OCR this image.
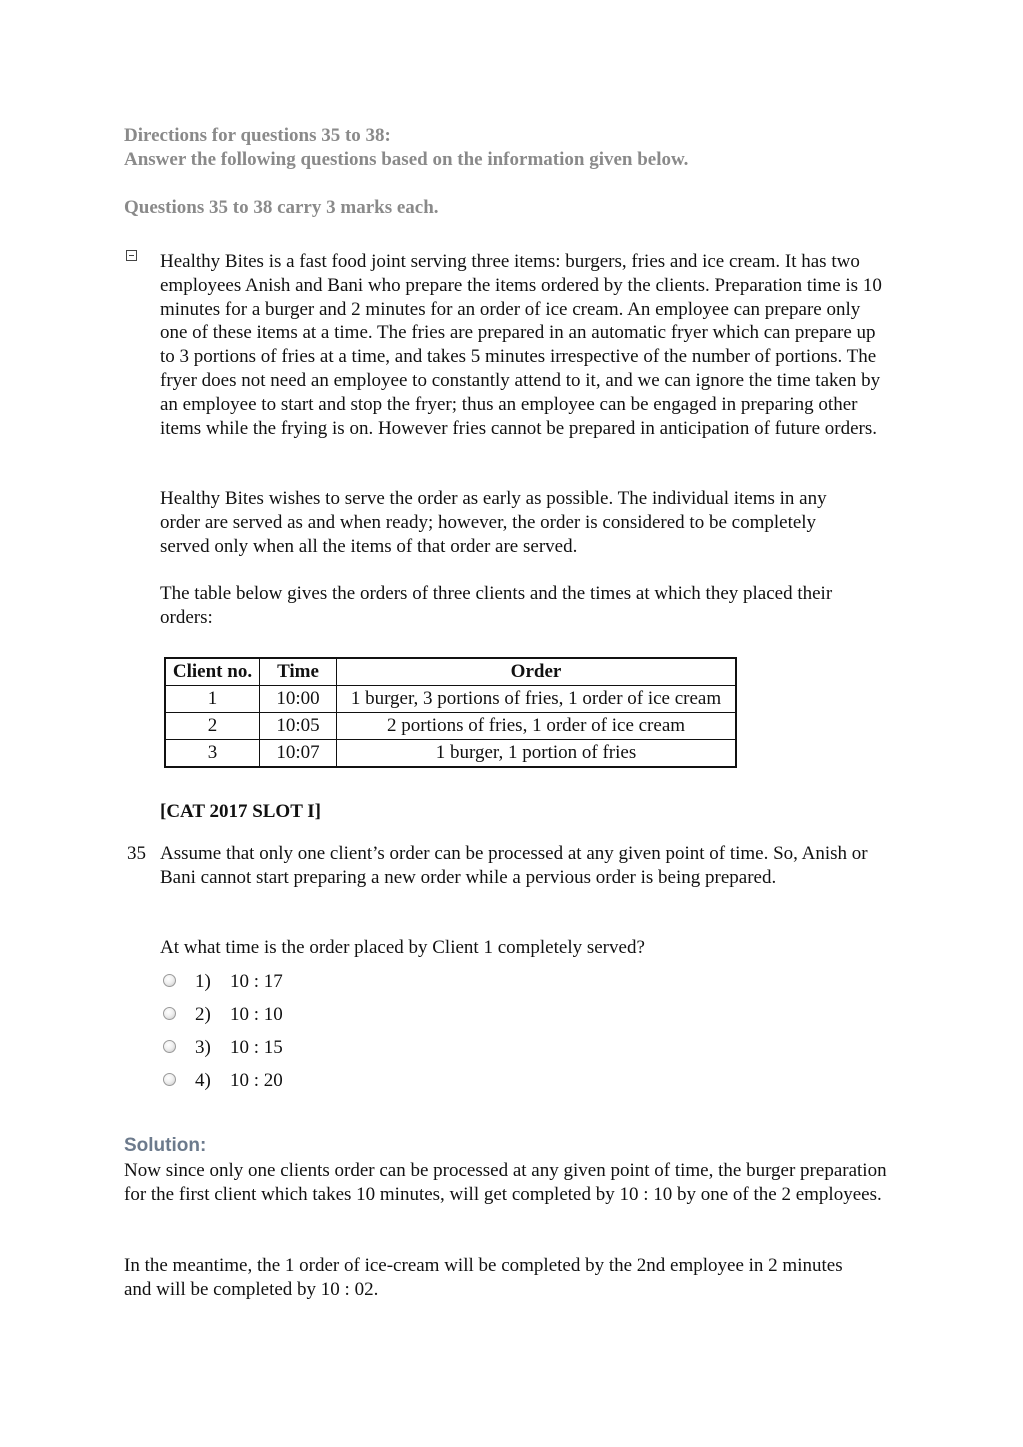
Directions for questions 35 to 38:

Answer the following questions based on the information given below.

Questions 35 to 38 carry 3 marks each.

Healthy Bites is a fast food joint serving three items: burgers, fries and ice cream. It has two employees Anish and Bani who prepare the items ordered by the clients. Preparation time is 10 minutes for a burger and 2 minutes for an order of ice cream. An employee can prepare only one of these items at a time. The fries are prepared in an automatic fryer which can prepare up to 3 portions of fries at a time, and takes 5 minutes irrespective of the number of portions. The fryer does not need an employee to constantly attend to it, and we can ignore the time taken by an employee to start and stop the fryer; thus an employee can be engaged in preparing other items while the frying is on. However fries cannot be prepared in anticipation of future orders.

Healthy Bites wishes to serve the order as early as possible. The individual items in any order are served as and when ready; however, the order is considered to be completely served only when all the items of that order are served.

The table below gives the orders of three clients and the times at which they placed their orders:

Client no.	Time	Order
1	10:00	1 burger, 3 portions of fries, 1 order of ice cream
2	10:05	2 portions of fries, 1 order of ice cream
3	10:07	1 burger, 1 portion of fries

[CAT 2017 SLOT I]

35 Assume that only one client’s order can be processed at any given point of time. So, Anish or Bani cannot start preparing a new order while a pervious order is being prepared.

At what time is the order placed by Client 1 completely served?

1) 10 : 17
2) 10 : 10
3) 10 : 15
4) 10 : 20
Solution:

Now since only one clients order can be processed at any given point of time, the burger preparation for the first client which takes 10 minutes, will get completed by 10 : 10 by one of the 2 employees.

In the meantime, the 1 order of ice-cream will be completed by the 2nd employee in 2 minutes and will be completed by 10 : 02.
